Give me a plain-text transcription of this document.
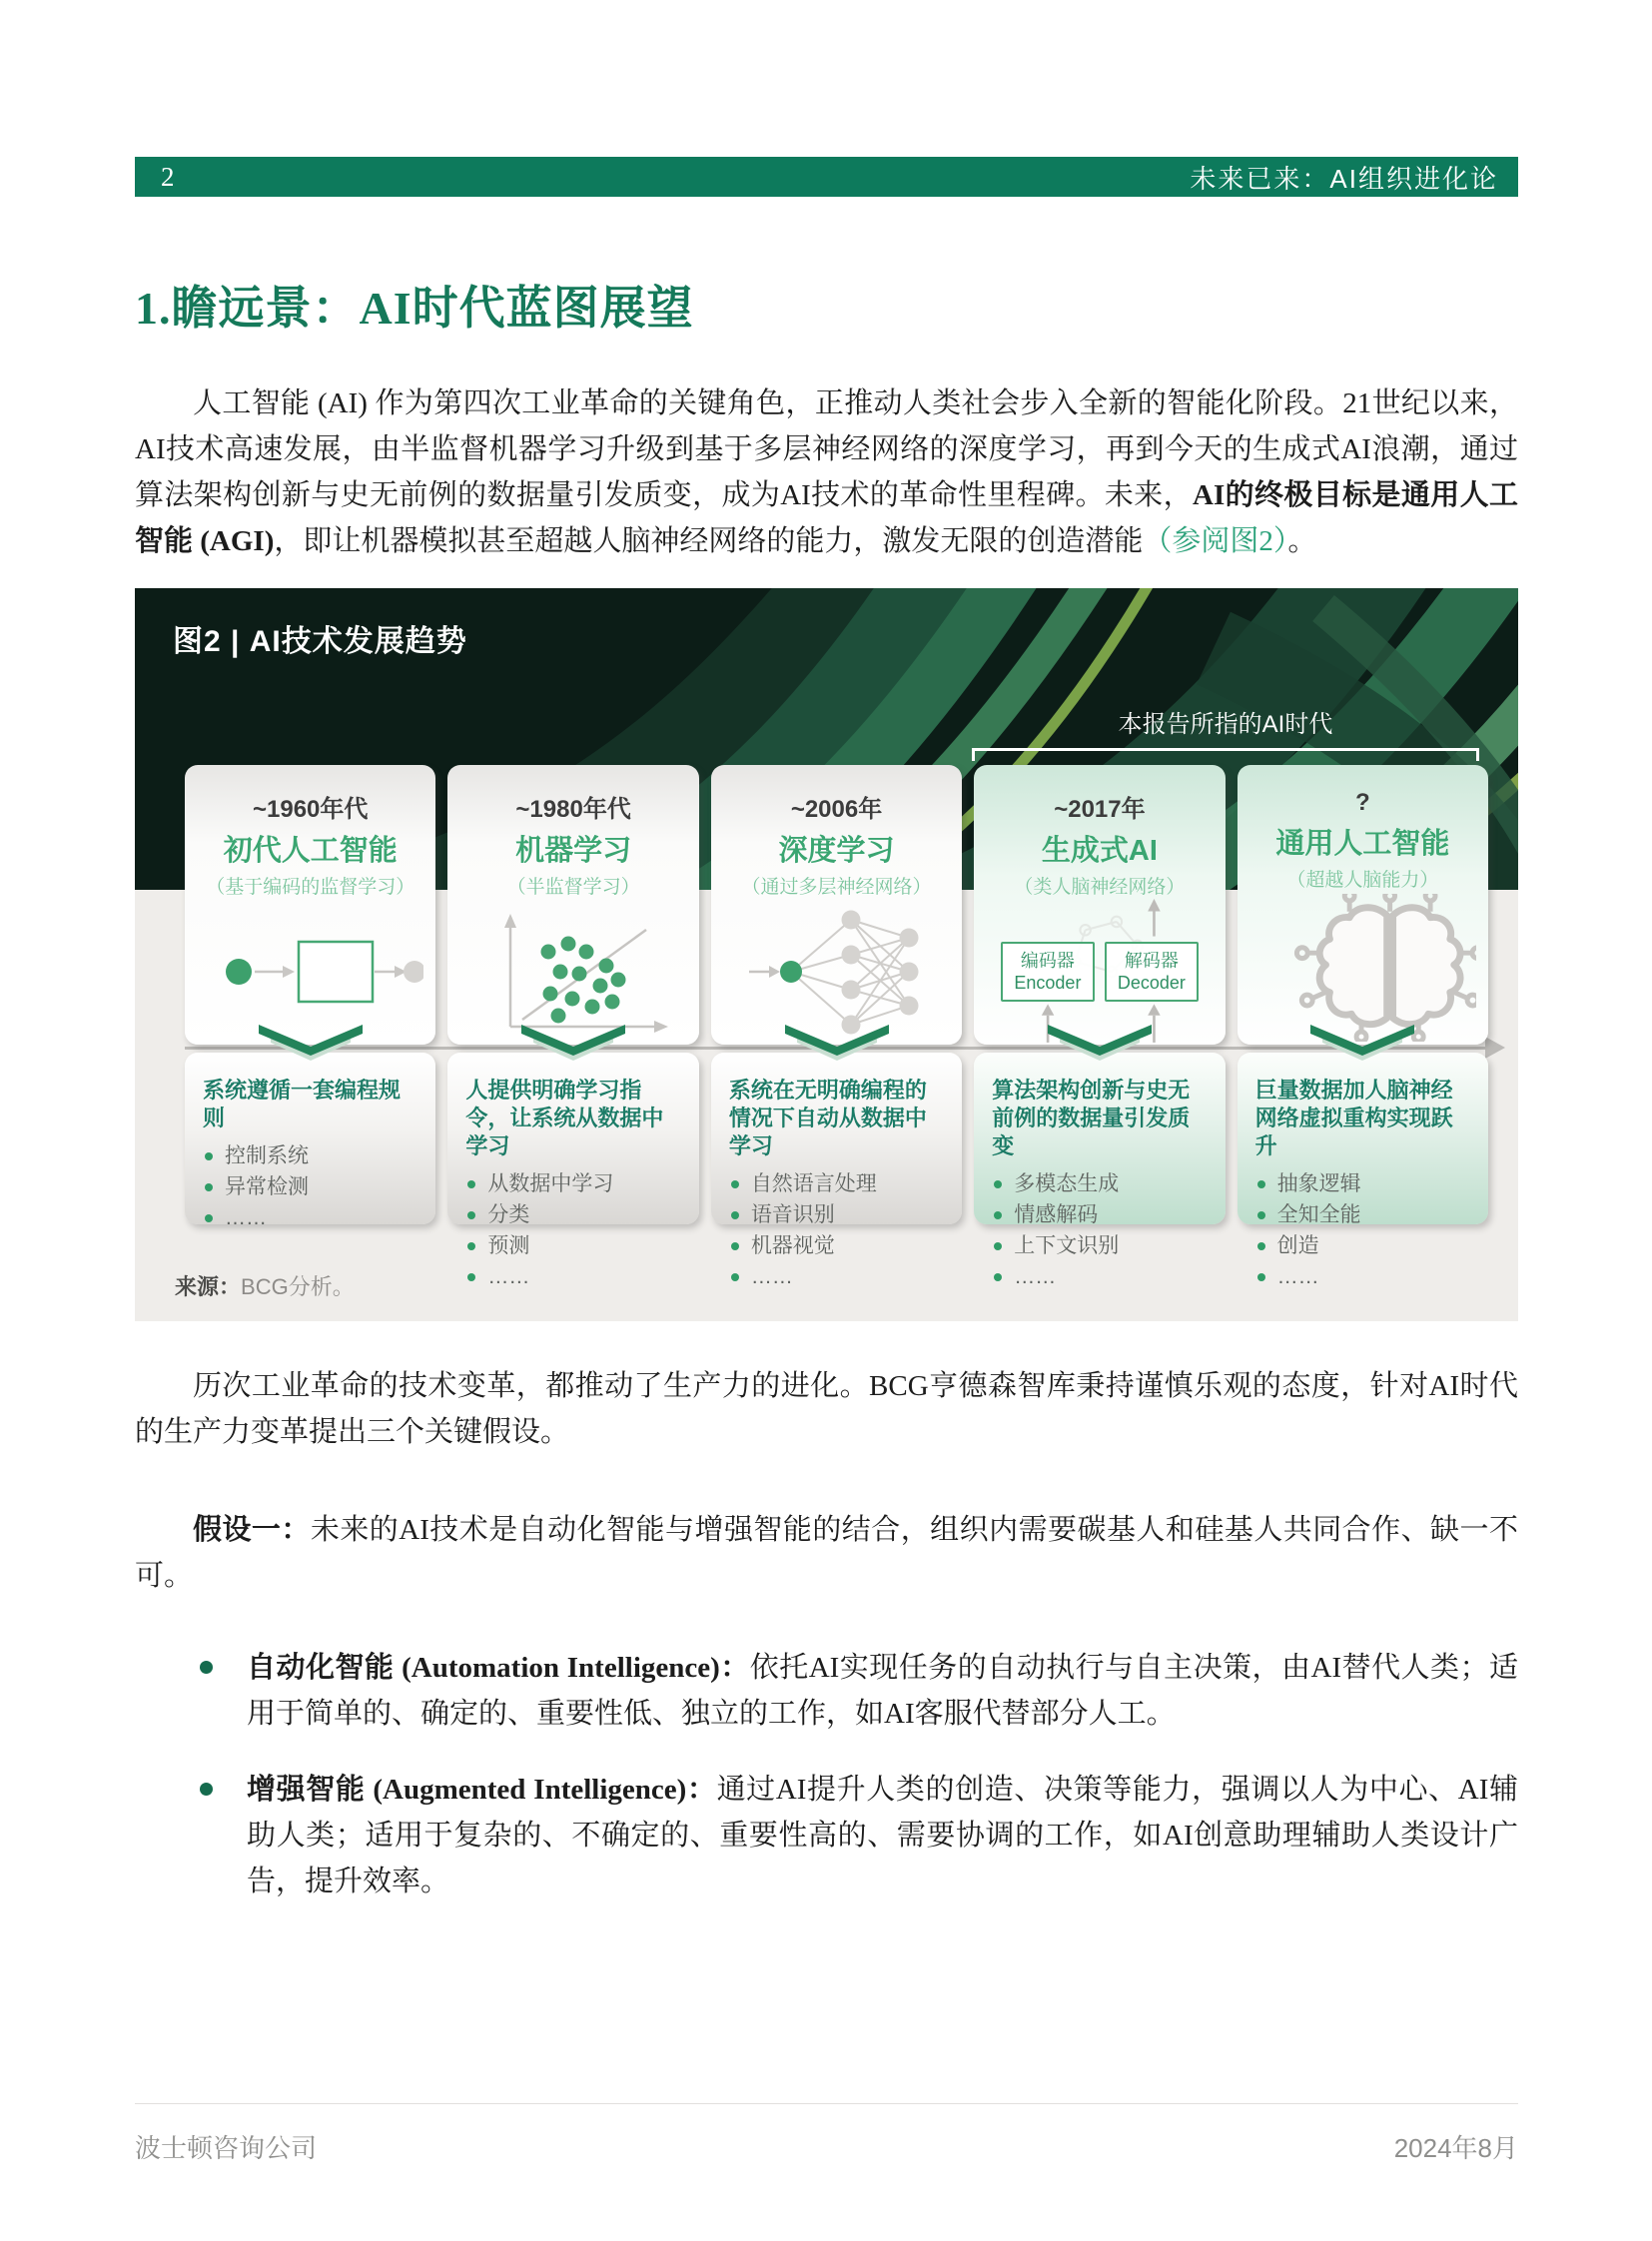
2	未来已来：AI组织进化论
1.瞻远景：AI时代蓝图展望

人工智能 (AI) 作为第四次工业革命的关键角色，正推动人类社会步入全新的智能化阶段。21世纪以来，AI技术高速发展，由半监督机器学习升级到基于多层神经网络的深度学习，再到今天的生成式AI浪潮，通过算法架构创新与史无前例的数据量引发质变，成为AI技术的革命性里程碑。未来，AI的终极目标是通用人工智能 (AGI)，即让机器模拟甚至超越人脑神经网络的能力，激发无限的创造潜能（参阅图2）。

图2 | AI技术发展趋势
本报告所指的AI时代
来源：BCG分析。
~1960年代
初代人工智能
（基于编码的监督学习）
系统遵循一套编程规则
控制系统
异常检测
……
~1980年代
机器学习
（半监督学习）
人提供明确学习指令，让系统从数据中学习
从数据中学习
分类
预测
……
~2006年
深度学习
（通过多层神经网络）
系统在无明确编程的情况下自动从数据中学习
自然语言处理
语音识别
机器视觉
……
~2017年
生成式AI
（类人脑神经网络）
编码器
Encoder
解码器
Decoder
算法架构创新与史无前例的数据量引发质变
多模态生成
情感解码
上下文识别
……
?
通用人工智能
（超越人脑能力）
巨量数据加人脑神经网络虚拟重构实现跃升
抽象逻辑
全知全能
创造
……

历次工业革命的技术变革，都推动了生产力的进化。BCG亨德森智库秉持谨慎乐观的态度，针对AI时代的生产力变革提出三个关键假设。

假设一：未来的AI技术是自动化智能与增强智能的结合，组织内需要碳基人和硅基人共同合作、缺一不可。

自动化智能 (Automation Intelligence)：依托AI实现任务的自动执行与自主决策，由AI替代人类；适用于简单的、确定的、重要性低、独立的工作，如AI客服代替部分人工。
增强智能 (Augmented Intelligence)：通过AI提升人类的创造、决策等能力，强调以人为中心、AI辅助人类；适用于复杂的、不确定的、重要性高的、需要协调的工作，如AI创意助理辅助人类设计广告，提升效率。
波士顿咨询公司	2024年8月
